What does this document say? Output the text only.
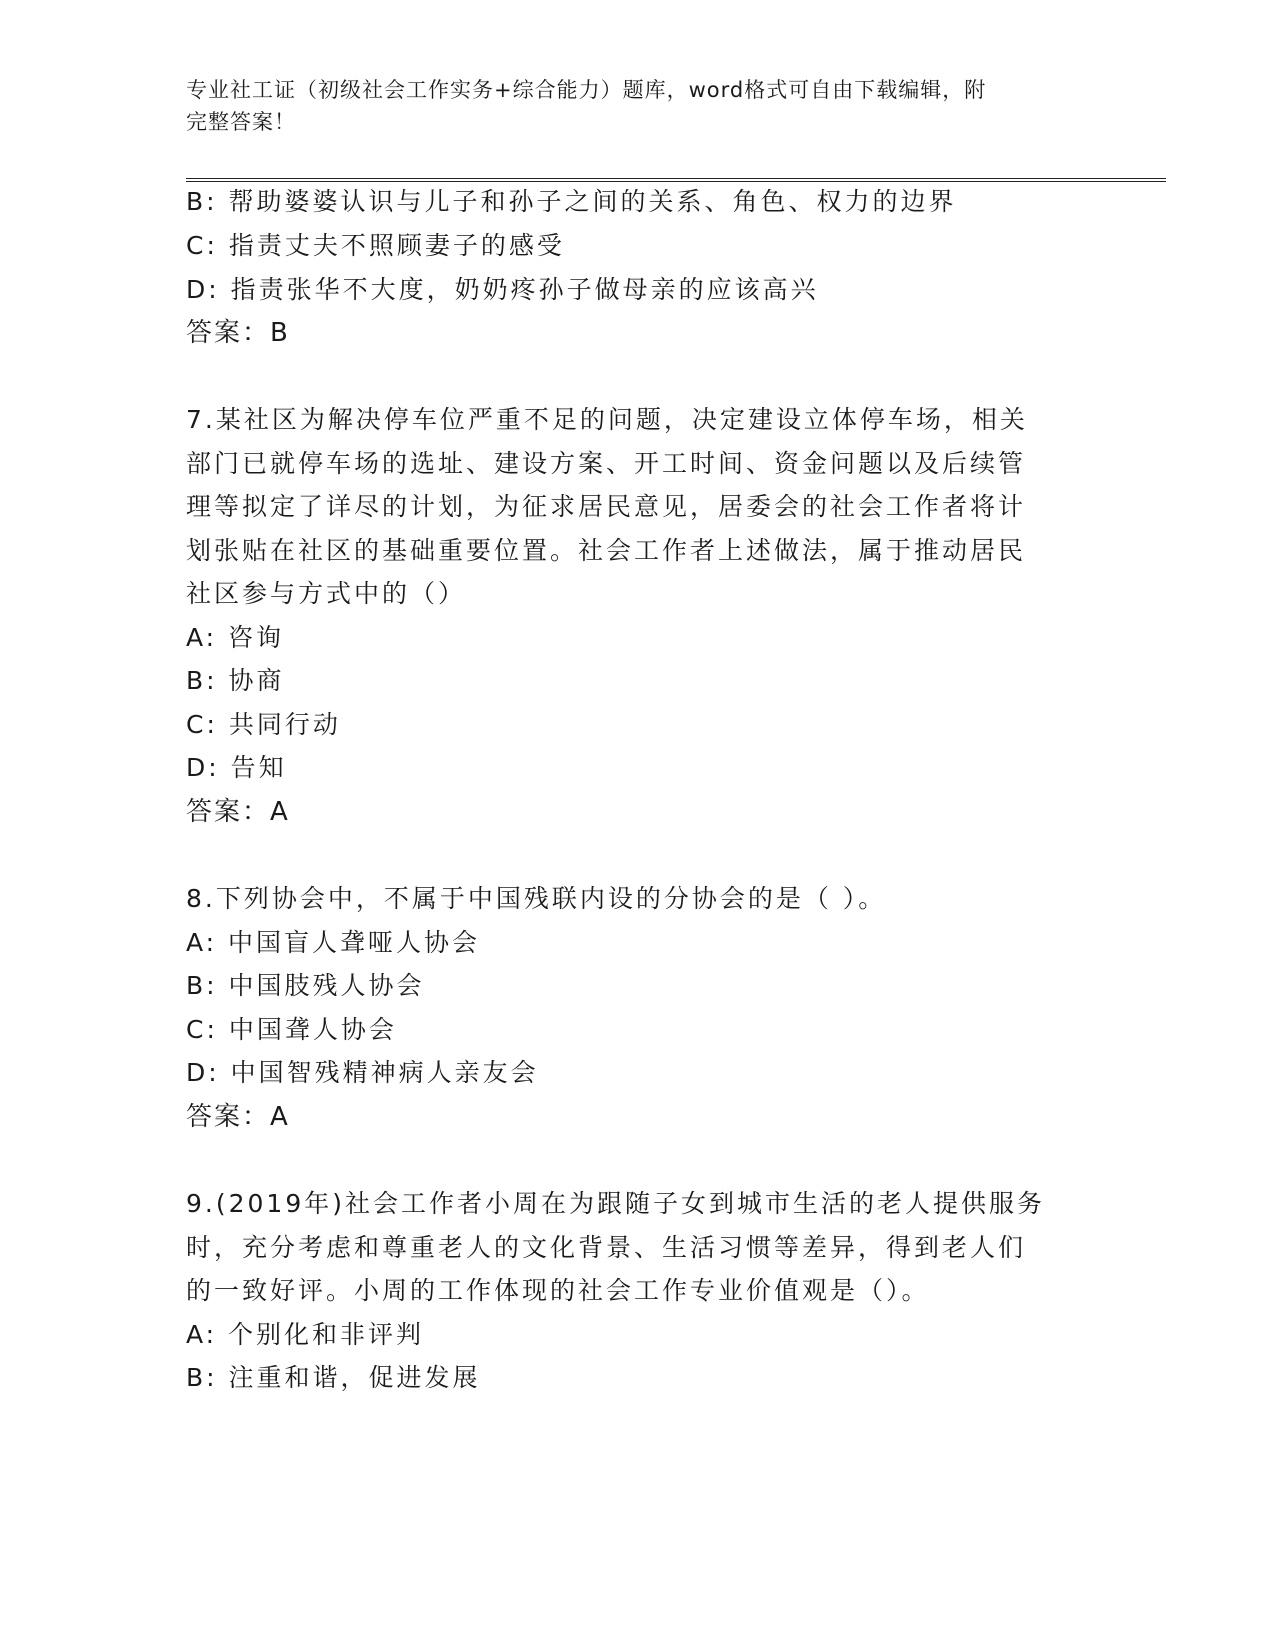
专业社工证（初级社会工作实务+综合能力）题库，word格式可自由下载编辑，附
完整答案！
B: 帮助婆婆认识与儿子和孙子之间的关系、角色、权力的边界
C: 指责丈夫不照顾妻子的感受
D: 指责张华不大度，奶奶疼孙子做母亲的应该高兴
答案：B
7.某社区为解决停车位严重不足的问题，决定建设立体停车场，相关
部门已就停车场的选址、建设方案、开工时间、资金问题以及后续管
理等拟定了详尽的计划，为征求居民意见，居委会的社会工作者将计
划张贴在社区的基础重要位置。社会工作者上述做法，属于推动居民
社区参与方式中的（）
A: 咨询
B: 协商
C: 共同行动
D: 告知
答案：A
8.下列协会中，不属于中国残联内设的分协会的是（ ）。
A: 中国盲人聋哑人协会
B: 中国肢残人协会
C: 中国聋人协会
D: 中国智残精神病人亲友会
答案：A
9.(2019年)社会工作者小周在为跟随子女到城市生活的老人提供服务
时，充分考虑和尊重老人的文化背景、生活习惯等差异，得到老人们
的一致好评。小周的工作体现的社会工作专业价值观是（）。
A: 个别化和非评判
B: 注重和谐，促进发展
